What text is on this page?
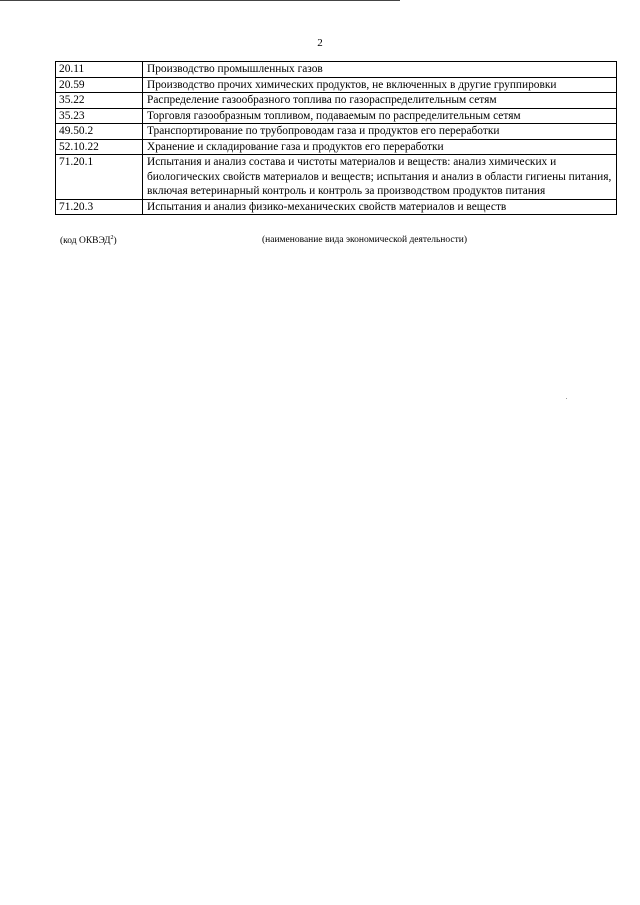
2
20.11	Производство промышленных газов
20.59	Производство прочих химических продуктов, не включенных в другие группировки
35.22	Распределение газообразного топлива по газораспределительным сетям
35.23	Торговля газообразным топливом, подаваемым по распределительным сетям
49.50.2	Транспортирование по трубопроводам газа и продуктов его переработки
52.10.22	Хранение и складирование газа и продуктов его переработки
71.20.1	Испытания и анализ состава и чистоты материалов и веществ: анализ химических и биологических свойств материалов и веществ; испытания и анализ в области гигиены питания, включая ветеринарный контроль и контроль за производством продуктов питания
71.20.3	Испытания и анализ физико-механических свойств материалов и веществ
(код ОКВЭД$^2$)	(наименование вида экономической деятельности)
